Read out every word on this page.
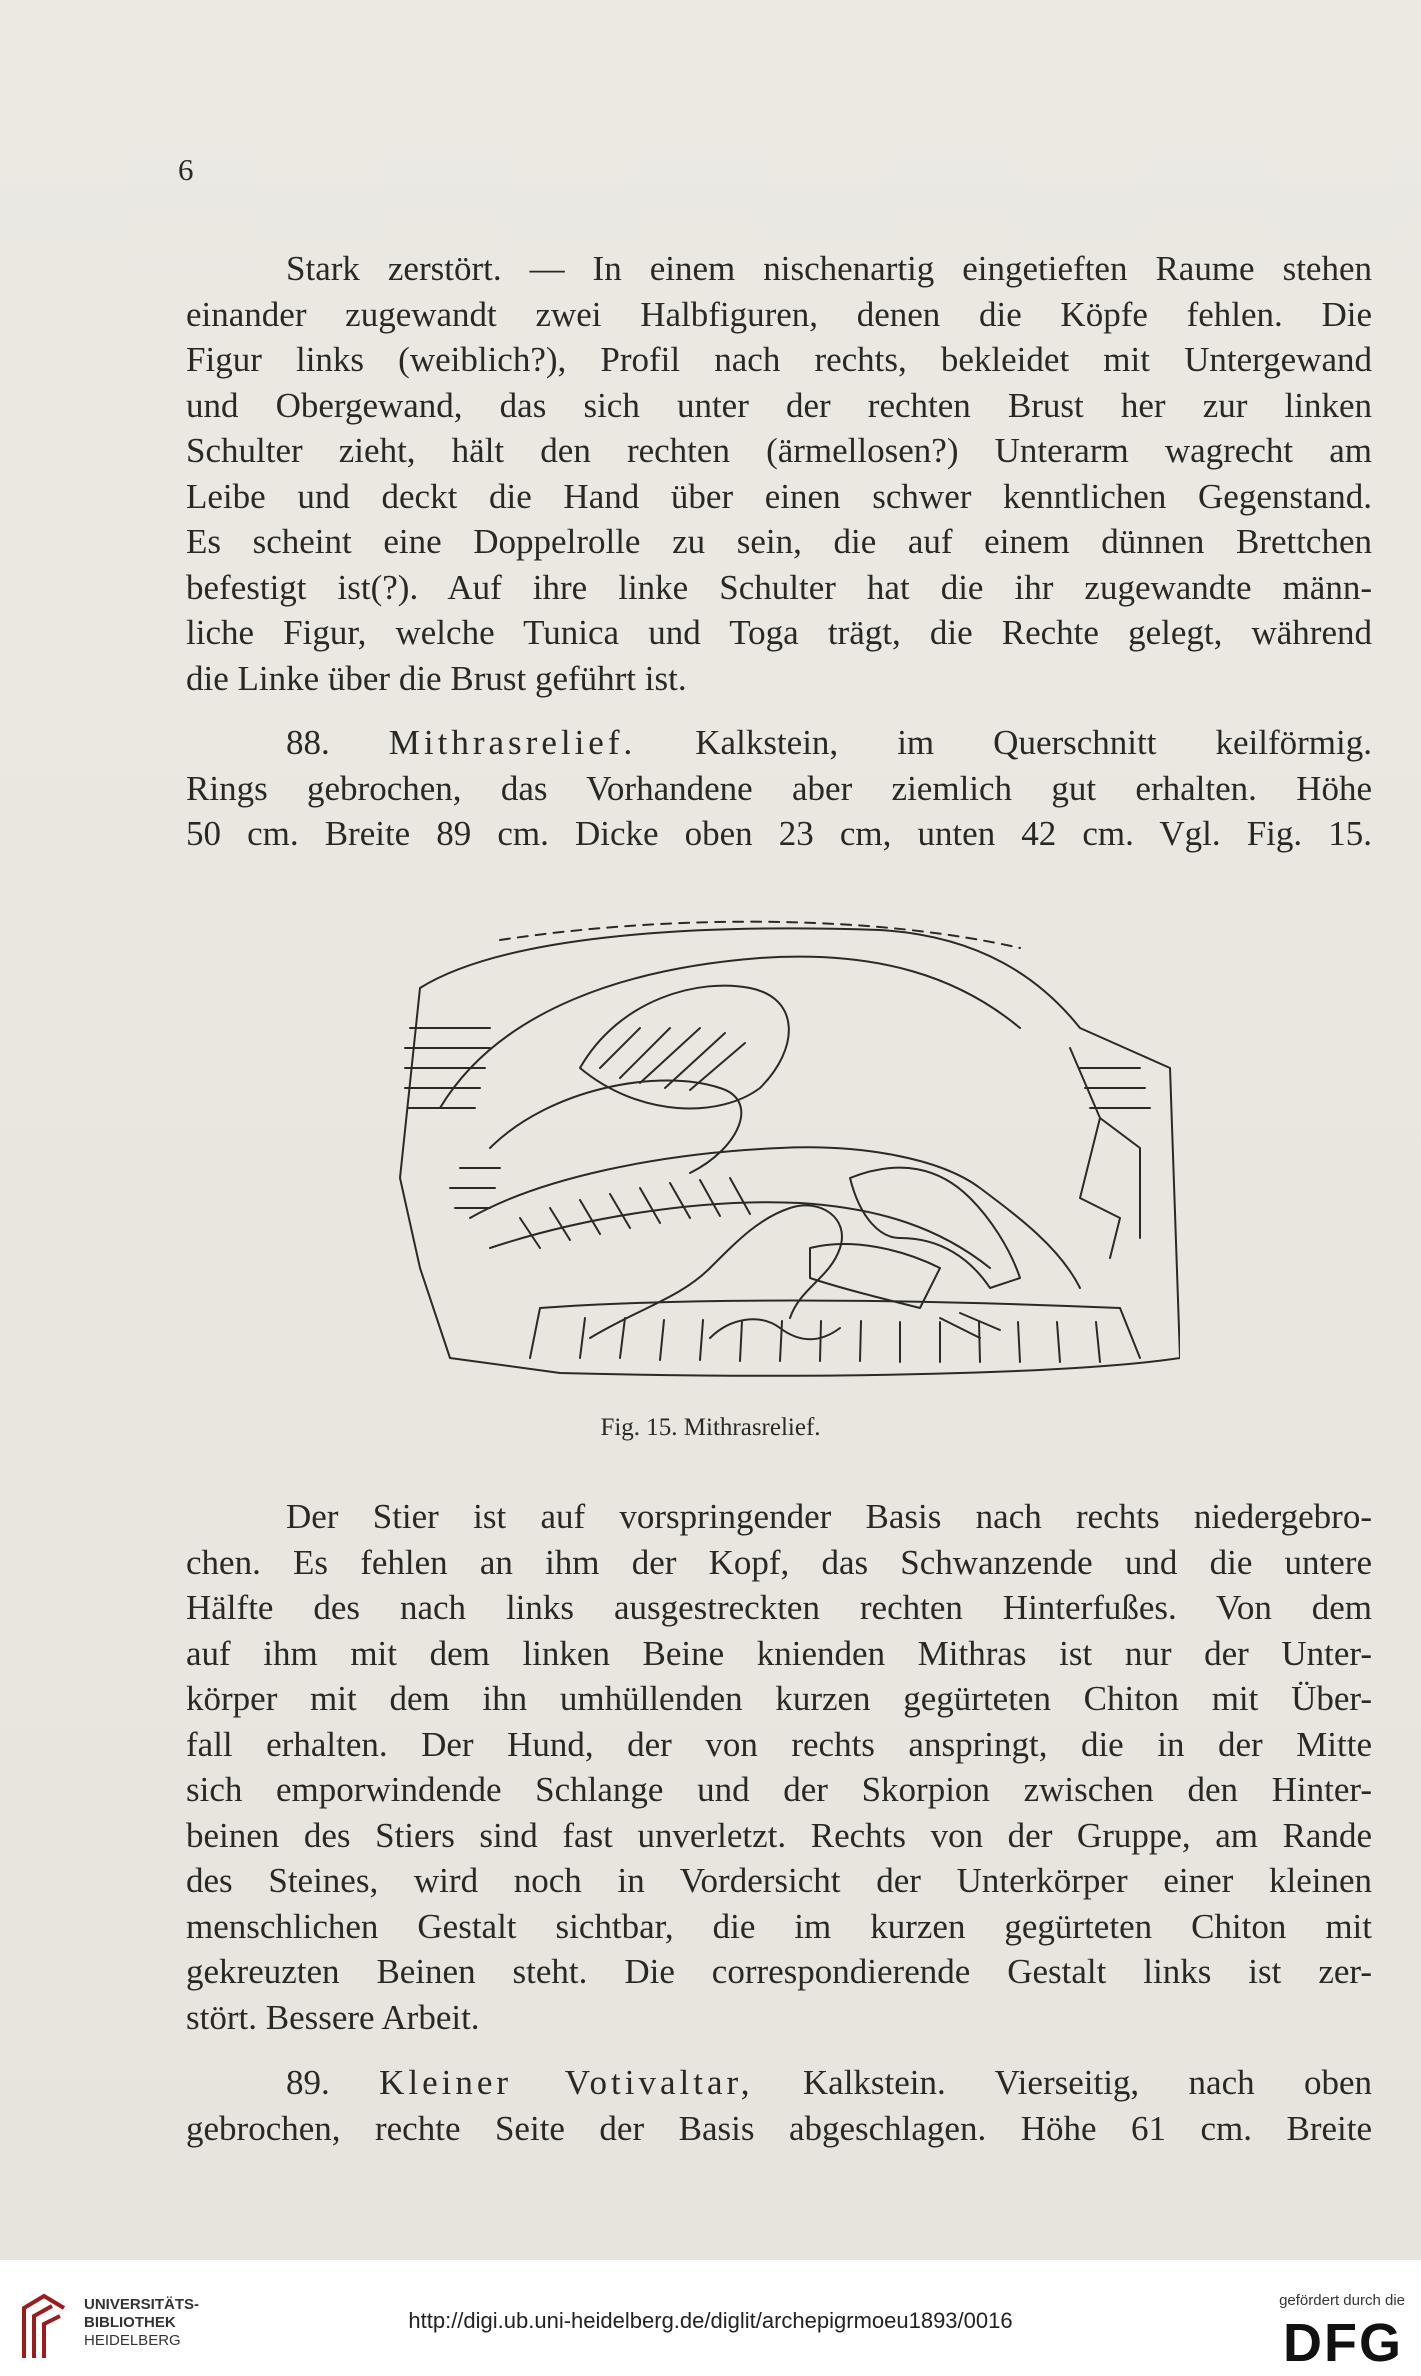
6
Stark zerstört. — In einem nischenartig eingetieften Raume stehen
einander zugewandt zwei Halbfiguren, denen die Köpfe fehlen. Die
Figur links (weiblich?), Profil nach rechts, bekleidet mit Untergewand
und Obergewand, das sich unter der rechten Brust her zur linken
Schulter zieht, hält den rechten (ärmellosen?) Unterarm wagrecht am
Leibe und deckt die Hand über einen schwer kenntlichen Gegenstand.
Es scheint eine Doppelrolle zu sein, die auf einem dünnen Brettchen
befestigt ist(?). Auf ihre linke Schulter hat die ihr zugewandte männ-
liche Figur, welche Tunica und Toga trägt, die Rechte gelegt, während
die Linke über die Brust geführt ist.
88. Mithrasrelief. Kalkstein, im Querschnitt keilförmig.
Rings gebrochen, das Vorhandene aber ziemlich gut erhalten. Höhe
50 cm. Breite 89 cm. Dicke oben 23 cm, unten 42 cm. Vgl. Fig. 15.
Fig. 15. Mithrasrelief.
Der Stier ist auf vorspringender Basis nach rechts niedergebro-
chen. Es fehlen an ihm der Kopf, das Schwanzende und die untere
Hälfte des nach links ausgestreckten rechten Hinterfußes. Von dem
auf ihm mit dem linken Beine knienden Mithras ist nur der Unter-
körper mit dem ihn umhüllenden kurzen gegürteten Chiton mit Über-
fall erhalten. Der Hund, der von rechts anspringt, die in der Mitte
sich emporwindende Schlange und der Skorpion zwischen den Hinter-
beinen des Stiers sind fast unverletzt. Rechts von der Gruppe, am Rande
des Steines, wird noch in Vordersicht der Unterkörper einer kleinen
menschlichen Gestalt sichtbar, die im kurzen gegürteten Chiton mit
gekreuzten Beinen steht. Die correspondierende Gestalt links ist zer-
stört. Bessere Arbeit.
89. Kleiner Votivaltar, Kalkstein. Vierseitig, nach oben
gebrochen, rechte Seite der Basis abgeschlagen. Höhe 61 cm. Breite
UNIVERSITÄTS-
BIBLIOTHEK
HEIDELBERG
http://digi.ub.uni-heidelberg.de/diglit/archepigrmoeu1893/0016
gefördert durch die
DFG
